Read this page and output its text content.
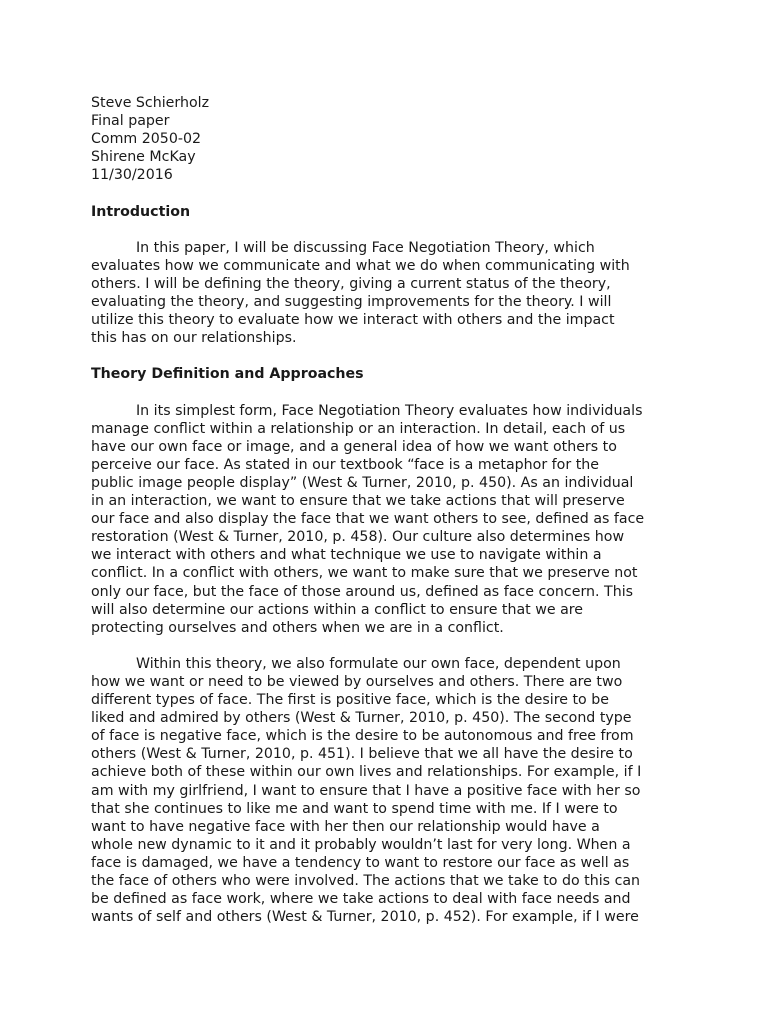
Steve Schierholz
Final paper
Comm 2050-02
Shirene McKay
11/30/2016
Introduction
In this paper, I will be discussing Face Negotiation Theory, which
evaluates how we communicate and what we do when communicating with
others. I will be defining the theory, giving a current status of the theory,
evaluating the theory, and suggesting improvements for the theory. I will
utilize this theory to evaluate how we interact with others and the impact
this has on our relationships.
Theory Definition and Approaches
In its simplest form, Face Negotiation Theory evaluates how individuals
manage conflict within a relationship or an interaction. In detail, each of us
have our own face or image, and a general idea of how we want others to
perceive our face. As stated in our textbook “face is a metaphor for the
public image people display” (West & Turner, 2010, p. 450). As an individual
in an interaction, we want to ensure that we take actions that will preserve
our face and also display the face that we want others to see, defined as face
restoration (West & Turner, 2010, p. 458). Our culture also determines how
we interact with others and what technique we use to navigate within a
conflict. In a conflict with others, we want to make sure that we preserve not
only our face, but the face of those around us, defined as face concern. This
will also determine our actions within a conflict to ensure that we are
protecting ourselves and others when we are in a conflict.
Within this theory, we also formulate our own face, dependent upon
how we want or need to be viewed by ourselves and others. There are two
different types of face. The first is positive face, which is the desire to be
liked and admired by others (West & Turner, 2010, p. 450). The second type
of face is negative face, which is the desire to be autonomous and free from
others (West & Turner, 2010, p. 451). I believe that we all have the desire to
achieve both of these within our own lives and relationships. For example, if I
am with my girlfriend, I want to ensure that I have a positive face with her so
that she continues to like me and want to spend time with me. If I were to
want to have negative face with her then our relationship would have a
whole new dynamic to it and it probably wouldn’t last for very long. When a
face is damaged, we have a tendency to want to restore our face as well as
the face of others who were involved. The actions that we take to do this can
be defined as face work, where we take actions to deal with face needs and
wants of self and others (West & Turner, 2010, p. 452). For example, if I were
